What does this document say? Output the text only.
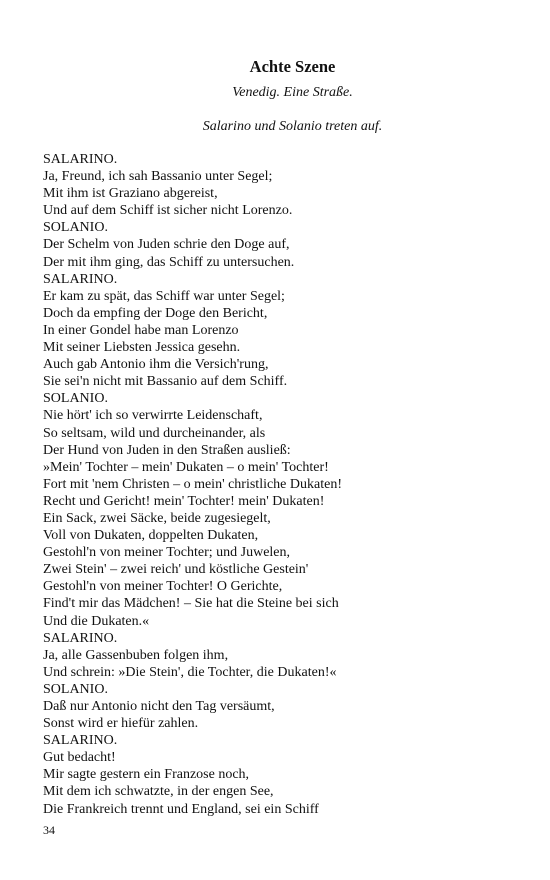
Achte Szene
Venedig. Eine Straße.
Salarino und Solanio treten auf.
SALARINO.
Ja, Freund, ich sah Bassanio unter Segel;
Mit ihm ist Graziano abgereist,
Und auf dem Schiff ist sicher nicht Lorenzo.
SOLANIO.
Der Schelm von Juden schrie den Doge auf,
Der mit ihm ging, das Schiff zu untersuchen.
SALARINO.
Er kam zu spät, das Schiff war unter Segel;
Doch da empfing der Doge den Bericht,
In einer Gondel habe man Lorenzo
Mit seiner Liebsten Jessica gesehn.
Auch gab Antonio ihm die Versich'rung,
Sie sei'n nicht mit Bassanio auf dem Schiff.
SOLANIO.
Nie hört' ich so verwirrte Leidenschaft,
So seltsam, wild und durcheinander, als
Der Hund von Juden in den Straßen ausließ:
»Mein' Tochter – mein' Dukaten – o mein' Tochter!
Fort mit 'nem Christen – o mein' christliche Dukaten!
Recht und Gericht! mein' Tochter! mein' Dukaten!
Ein Sack, zwei Säcke, beide zugesiegelt,
Voll von Dukaten, doppelten Dukaten,
Gestohl'n von meiner Tochter; und Juwelen,
Zwei Stein' – zwei reich' und köstliche Gestein'
Gestohl'n von meiner Tochter! O Gerichte,
Find't mir das Mädchen! – Sie hat die Steine bei sich
Und die Dukaten.«
SALARINO.
Ja, alle Gassenbuben folgen ihm,
Und schrein: »Die Stein', die Tochter, die Dukaten!«
SOLANIO.
Daß nur Antonio nicht den Tag versäumt,
Sonst wird er hiefür zahlen.
SALARINO.
Gut bedacht!
Mir sagte gestern ein Franzose noch,
Mit dem ich schwatzte, in der engen See,
Die Frankreich trennt und England, sei ein Schiff
34
